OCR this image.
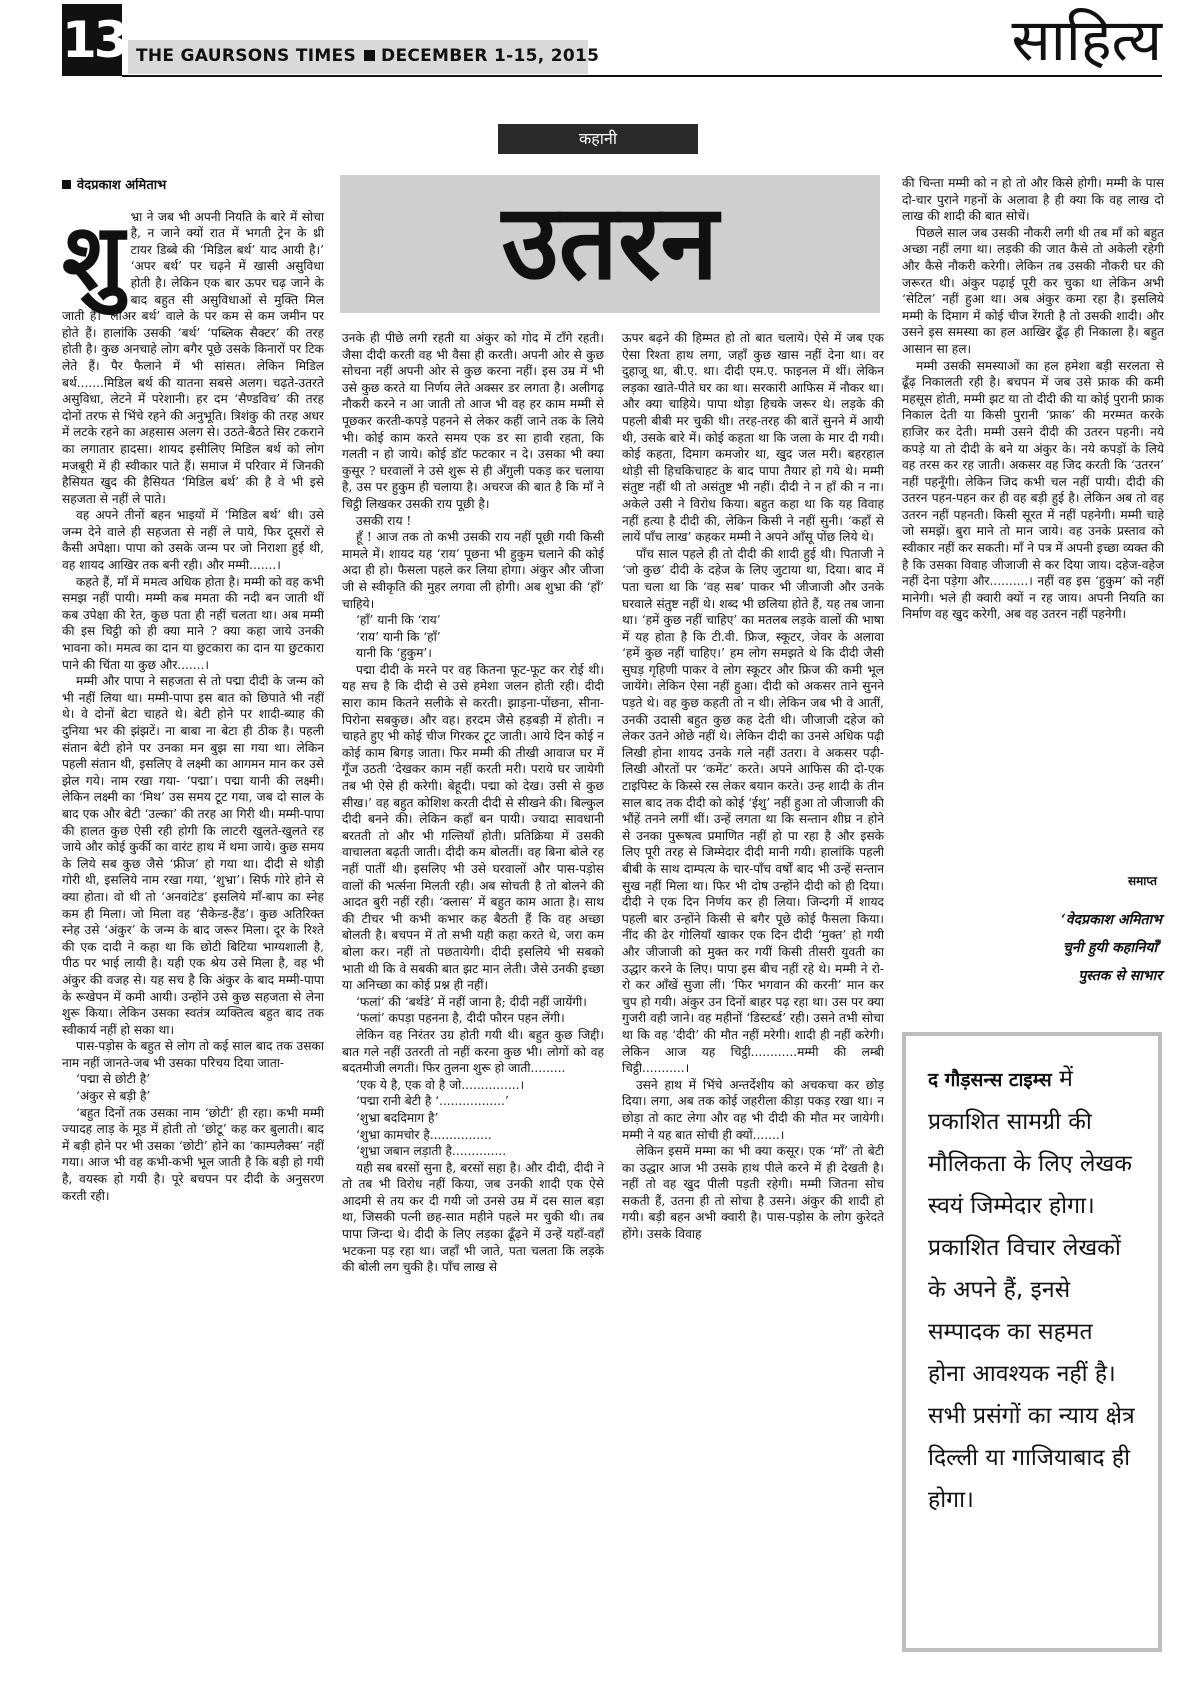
13 THE GAURSONS TIMES DECEMBER 1-15, 2015	साहित्य
कहानी
उतरन
वेदप्रकाश अमिताभ

शुभ्रा ने जब भी अपनी नियति के बारे में सोचा है, न जाने क्यों रात में भगती ट्रेन के थ्री टायर डिब्बे की ‘मिडिल बर्थ’ याद आयी है।’ ‘अपर बर्थ’ पर चढ़ने में खासी असुविधा होती है। लेकिन एक बार ऊपर चढ़ जाने के बाद बहुत सी असुविधाओं से मुक्ति मिल जाती है। ‘लोअर बर्थ’ वाले के पर कम से कम जमीन पर होते हैं। हालांकि उसकी ‘बर्थ’ ‘पब्लिक सैक्टर’ की तरह होती है। कुछ अनचाहे लोग बगैर पूछे उसके किनारों पर टिक लेते हैं। पैर फैलाने में भी सांसत। लेकिन मिडिल बर्थ.......मिडिल बर्थ की यातना सबसे अलग। चढ़ते-उतरते असुविधा, लेटने में परेशानी। हर दम ‘सैण्डविच’ की तरह दोनों तरफ से भिंचे रहने की अनुभूति। त्रिशंकु की तरह अधर में लटके रहने का अहसास अलग से। उठते-बैठते सिर टकराने का लगातार हादसा। शायद इसीलिए मिडिल बर्थ को लोग मजबूरी में ही स्वीकार पाते हैं। समाज में परिवार में जिनकी हैसियत खुद की हैसियत ‘मिडिल बर्थ’ की है वे भी इसे सहजता से नहीं ले पाते।

वह अपने तीनों बहन भाइयों में ‘मिडिल बर्थ’ थी। उसे जन्म देने वाले ही सहजता से नहीं ले पाये, फिर दूसरों से कैसी अपेक्षा। पापा को उसके जन्म पर जो निराशा हुई थी, वह शायद आखिर तक बनी रही। और मम्मी.......।

कहते हैं, माँ में ममत्व अधिक होता है। मम्मी को वह कभी समझ नहीं पायी। मम्मी कब ममता की नदी बन जाती थीं कब उपेक्षा की रेत, कुछ पता ही नहीं चलता था। अब मम्मी की इस चिट्ठी को ही क्या माने ? क्या कहा जाये उनकी भावना को। ममत्व का दान या छुटकारा का दान या छुटकारा पाने की चिंता या कुछ और.......।

मम्मी और पापा ने सहजता से तो पद्मा दीदी के जन्म को भी नहीं लिया था। मम्मी-पापा इस बात को छिपाते भी नहीं थे। वे दोनों बेटा चाहते थे। बेटी होने पर शादी-ब्याह की दुनिया भर की झंझटें। ना बाबा ना बेटा ही ठीक है। पहली संतान बेटी होने पर उनका मन बुझ सा गया था। लेकिन पहली संतान थी, इसलिए वे लक्ष्मी का आगमन मान कर उसे झेल गये। नाम रखा गया- ‘पद्मा’। पद्मा यानी की लक्ष्मी। लेकिन लक्ष्मी का ‘मिथ’ उस समय टूट गया, जब दो साल के बाद एक और बेटी ‘उल्का’ की तरह आ गिरी थी। मम्मी-पापा की हालत कुछ ऐसी रही होगी कि लाटरी खुलते-खुलते रह जाये और कोई कुर्की का वारंट हाथ में थमा जाये। कुछ समय के लिये सब कुछ जैसे ‘फ्रीज’ हो गया था। दीदी से थोड़ी गोरी थी, इसलिये नाम रखा गया, ‘शुभ्रा’। सिर्फ गोरे होने से क्या होता। वो थी तो ‘अनवांटेड’ इसलिये माँ-बाप का स्नेह कम ही मिला। जो मिला वह ‘सैकेन्ड-हैंड’। कुछ अतिरिक्त स्नेह उसे ‘अंकुर’ के जन्म के बाद जरूर मिला। दूर के रिश्ते की एक दादी ने कहा था कि छोटी बिटिया भाग्यशाली है, पीठ पर भाई लायी है। यही एक श्रेय उसे मिला है, वह भी अंकुर की वजह से। यह सच है कि अंकुर के बाद मम्मी-पापा के रूखेपन में कमी आयी। उन्होंने उसे कुछ सहजता से लेना शुरू किया। लेकिन उसका स्वतंत्र व्यक्तित्व बहुत बाद तक स्वीकार्य नहीं हो सका था।

पास-पड़ोस के बहुत से लोग तो कई साल बाद तक उसका नाम नहीं जानते-जब भी उसका परिचय दिया जाता-

‘पद्मा से छोटी है’

‘अंकुर से बड़ी है’

‘बहुत दिनों तक उसका नाम ‘छोटी’ ही रहा। कभी मम्मी ज्यादह लाड़ के मूड में होती तो ‘छोटू’ कह कर बुलाती। बाद में बड़ी होने पर भी उसका ‘छोटी’ होने का ‘काम्पलैक्स’ नहीं गया। आज भी वह कभी-कभी भूल जाती है कि बड़ी हो गयी है, वयस्क हो गयी है। पूरे बचपन पर दीदी के अनुसरण करती रही।

उनके ही पीछे लगी रहती या अंकुर को गोद में टाँगे रहती। जैसा दीदी करती वह भी वैसा ही करती। अपनी ओर से कुछ सोचना नहीं अपनी ओर से कुछ करना नहीं। इस उम्र में भी उसे कुछ करते या निर्णय लेते अक्सर डर लगता है। अलीगढ़ नौकरी करने न आ जाती तो आज भी वह हर काम मम्मी से पूछकर करती-कपड़े पहनने से लेकर कहीं जाने तक के लिये भी। कोई काम करते समय एक डर सा हावी रहता, कि गलती न हो जाये। कोई डॉट फटकार न दे। उसका भी क्या कुसूर ? घरवालों ने उसे शुरू से ही अँगुली पकड़ कर चलाया है, उस पर हुकुम ही चलाया है। अचरज की बात है कि माँ ने चिट्ठी लिखकर उसकी राय पूछी है।

उसकी राय !

हूँ ! आज तक तो कभी उसकी राय नहीं पूछी गयी किसी मामले में। शायद यह ‘राय’ पूछना भी हुकुम चलाने की कोई अदा ही हो। फैसला पहले कर लिया होगा। अंकुर और जीजा जी से स्वीकृति की मुहर लगवा ली होगी। अब शुभ्रा की ‘हाँ’ चाहिये।

‘हाँ’ यानी कि ‘राय’

‘राय’ यानी कि ‘हाँ’

यानी कि ‘हुकुम’।

पद्मा दीदी के मरने पर वह कितना फूट-फूट कर रोई थी। यह सच है कि दीदी से उसे हमेशा जलन होती रही। दीदी सारा काम कितने सलीके से करती। झाड़ना-पोंछना, सीना-पिरोना सबकुछ। और वह। हरदम जैसे हड़बड़ी में होती। न चाहते हुए भी कोई चीज गिरकर टूट जाती। आये दिन कोई न कोई काम बिगड़ जाता। फिर मम्मी की तीखी आवाज घर में गूँज उठती ‘देखकर काम नहीं करती मरी। पराये घर जायेगी तब भी ऐसे ही करेगी। बेहूदी। पद्मा को देख। उसी से कुछ सीख।’ वह बहुत कोशिश करती दीदी से सीखने की। बिल्कुल दीदी बनने की। लेकिन कहाँ बन पायी। ज्यादा सावधानी बरतती तो और भी गल्तियाँ होती। प्रतिक्रिया में उसकी वाचालता बढ़ती जाती। दीदी कम बोलतीं। वह बिना बोले रह नहीं पातीं थी। इसलिए भी उसे घरवालों और पास-पड़ोस वालों की भर्त्सना मिलती रही। अब सोचती है तो बोलने की आदत बुरी नहीं रही। ‘क्लास’ में बहुत काम आता है। साथ की टीचर भी कभी कभार कह बैठती हैं कि वह अच्छा बोलती है। बचपन में तो सभी यही कहा करते थे, जरा कम बोला कर। नहीं तो पछतायेगी। दीदी इसलिये भी सबको भाती थी कि वे सबकी बात झट मान लेती। जैसे उनकी इच्छा या अनिच्छा का कोई प्रश्न ही नहीं।

‘फलां’ की ‘बर्थडे’ में नहीं जाना है; दीदी नहीं जायेंगी।

‘फलां’ कपड़ा पहनना है, दीदी फौरन पहन लेंगी।

लेकिन वह निरंतर उग्र होती गयी थी। बहुत कुछ जिद्दी। बात गले नहीं उतरती तो नहीं करना कुछ भी। लोगों को वह बदतमीजी लगती। फिर तुलना शुरू हो जाती.........

‘एक ये है, एक वो है जो...............।

‘पद्मा रानी बेटी है ‘.................’

‘शुभ्रा बददिमाग है’

‘शुभ्रा कामचोर है................

‘शुभ्रा जबान लड़ाती है..............

यही सब बरसों सुना है, बरसों सहा है। और दीदी, दीदी ने तो तब भी विरोध नहीं किया, जब उनकी शादी एक ऐसे आदमी से तय कर दी गयी जो उनसे उम्र में दस साल बड़ा था, जिसकी पत्नी छह-सात महीने पहले मर चुकी थी। तब पापा जिन्दा थे। दीदी के लिए लड़का ढूँढ़ने में उन्हें यहाँ-वहाँ भटकना पड़ रहा था। जहाँ भी जाते, पता चलता कि लड़के की बोली लग चुकी है। पाँच लाख से

ऊपर बढ़ने की हिम्मत हो तो बात चलाये। ऐसे में जब एक ऐसा रिश्ता हाथ लगा, जहाँ कुछ खास नहीं देना था। वर दुहाजू था, बी.ए. था। दीदी एम.ए. फाइनल में थीं। लेकिन लड़का खाते-पीते घर का था। सरकारी आफिस में नौकर था। और क्या चाहिये। पापा थोड़ा हिचके जरूर थे। लड़के की पहली बीबी मर चुकी थी। तरह-तरह की बातें सुनने में आयी थी, उसके बारे में। कोई कहता था कि जला के मार दी गयी। कोई कहता, दिमाग कमजोर था, खुद जल मरी। बहरहाल थोड़ी सी हिचकिचाहट के बाद पापा तैयार हो गये थे। मम्मी संतुष्ट नहीं थी तो असंतुष्ट भी नहीं। दीदी ने न हाँ की न ना। अकेले उसी ने विरोध किया। बहुत कहा था कि यह विवाह नहीं हत्या है दीदी की, लेकिन किसी ने नहीं सुनी। ‘कहाँ से लायें पाँच लाख’ कहकर मम्मी ने अपने आँसू पोंछ लिये थे।

पाँच साल पहले ही तो दीदी की शादी हुई थी। पिताजी ने ‘जो कुछ’ दीदी के दहेज के लिए जुटाया था, दिया। बाद में पता चला था कि ‘वह सब’ पाकर भी जीजाजी और उनके घरवाले संतुष्ट नहीं थे। शब्द भी छलिया होते हैं, यह तब जाना था। ‘हमें कुछ नहीं चाहिए’ का मतलब लड़के वालों की भाषा में यह होता है कि टी.वी. फ्रिज, स्कूटर, जेवर के अलावा ‘हमें कुछ नहीं चाहिए।’ हम लोग समझते थे कि दीदी जैसी सुघड़ गृहिणी पाकर वे लोग स्कूटर और फ्रिज की कमी भूल जायेंगे। लेकिन ऐसा नहीं हुआ। दीदी को अकसर ताने सुनने पड़ते थे। वह कुछ कहती तो न थी। लेकिन जब भी वे आतीं, उनकी उदासी बहुत कुछ कह देती थी। जीजाजी दहेज को लेकर उतने ओछे नहीं थे। लेकिन दीदी का उनसे अधिक पढ़ी लिखी होना शायद उनके गले नहीं उतरा। वे अकसर पढ़ी-लिखी औरतों पर ‘कमेंट’ करते। अपने आफिस की दो-एक टाइपिस्ट के किस्से रस लेकर बयान करते। उन्ह शादी के तीन साल बाद तक दीदी को कोई ‘ईशु’ नहीं हुआ तो जीजाजी की भौंहें तनने लगीं थीं। उन्हें लगता था कि सन्तान शीघ्र न होने से उनका पुरूषत्व प्रमाणित नहीं हो पा रहा है और इसके लिए पूरी तरह से जिम्मेदार दीदी मानी गयी। हालांकि पहली बीबी के साथ दाम्पत्य के चार-पाँच वर्षों बाद भी उन्हें सन्तान सुख नहीं मिला था। फिर भी दोष उन्होंने दीदी को ही दिया। दीदी ने एक दिन निर्णय कर ही लिया। जिन्दगी में शायद पहली बार उन्होंने किसी से बगैर पूछे कोई फैसला किया। नींद की ढेर गोलियाँ खाकर एक दिन दीदी ‘मुक्त’ हो गयी और जीजाजी को मुक्त कर गयीं किसी तीसरी युवती का उद्धार करने के लिए। पापा इस बीच नहीं रहे थे। मम्मी ने रो-रो कर आँखें सुजा लीं। ‘फिर भगवान की करनी’ मान कर चुप हो गयी। अंकुर उन दिनों बाहर पढ़ रहा था। उस पर क्या गुजरी वही जाने। वह महीनों ‘डिस्टर्ब्ड’ रही। उसने तभी सोचा था कि वह ‘दीदी’ की मौत नहीं मरेगी। शादी ही नहीं करेगी। लेकिन आज यह चिट्ठी............मम्मी की लम्बी चिट्ठी...........।

उसने हाथ में भिंचे अन्तर्देशीय को अचकचा कर छोड़ दिया। लगा, अब तक कोई जहरीला कीड़ा पकड़ रखा था। न छोड़ा तो काट लेगा और वह भी दीदी की मौत मर जायेगी। मम्मी ने यह बात सोची ही क्यों.......।

लेकिन इसमें मम्मा का भी क्या कसूर। एक ‘माँ’ तो बेटी का उद्धार आज भी उसके हाथ पीले करने में ही देखती है। नहीं तो वह खुद पीली पड़ती रहेगी। मम्मी जितना सोच सकती हैं, उतना ही तो सोचा है उसने। अंकुर की शादी हो गयी। बड़ी बहन अभी क्वारी है। पास-पड़ोस के लोग कुरेदते होंगे। उसके विवाह

की चिन्ता मम्मी को न हो तो और किसे होगी। मम्मी के पास दो-चार पुराने गहनों के अलावा है ही क्या कि वह लाख दो लाख की शादी की बात सोचें।

पिछले साल जब उसकी नौकरी लगी थी तब माँ को बहुत अच्छा नहीं लगा था। लड़की की जात कैसे तो अकेली रहेगी और कैसे नौकरी करेगी। लेकिन तब उसकी नौकरी घर की जरूरत थी। अंकुर पढ़ाई पूरी कर चुका था लेकिन अभी ‘सेटिल’ नहीं हुआ था। अब अंकुर कमा रहा है। इसलिये मम्मी के दिमाग में कोई चीज रेंगती है तो उसकी शादी। और उसने इस समस्या का हल आखिर ढूँढ़ ही निकाला है। बहुत आसान सा हल।

मम्मी उसकी समस्याओं का हल हमेशा बड़ी सरलता से ढूँढ़ निकालती रही है। बचपन में जब उसे फ्राक की कमी महसूस होती, मम्मी झट या तो दीदी की या कोई पुरानी फ्राक निकाल देती या किसी पुरानी ‘फ्राक’ की मरम्मत करके हाजिर कर देती। मम्मी उसने दीदी की उतरन पहनी। नये कपड़े या तो दीदी के बने या अंकुर के। नये कपड़ों के लिये वह तरस कर रह जाती। अकसर वह जिद करती कि ‘उतरन’ नहीं पहनूँगी। लेकिन जिद कभी चल नहीं पायी। दीदी की उतरन पहन-पहन कर ही वह बड़ी हुई है। लेकिन अब तो वह उतरन नहीं पहनती। किसी सूरत में नहीं पहनेगी। मम्मी चाहे जो समझें। बुरा माने तो मान जाये। वह उनके प्रस्ताव को स्वीकार नहीं कर सकती। माँ ने पत्र में अपनी इच्छा व्यक्त की है कि उसका विवाह जीजाजी से कर दिया जाय। दहेज-वहेज नहीं देना पड़ेगा और..........। नहीं वह इस ‘हुकुम’ को नहीं मानेगी। भले ही क्वारी क्यों न रह जाय। अपनी नियति का निर्माण वह खुद करेगी, अब वह उतरन नहीं पहनेगी।

समाप्त
‘वेदप्रकाश अमिताभ
चुनी हुयी कहानियाँ’
पुस्तक से साभार
द गौड़सन्स टाइम्स में प्रकाशित सामग्री की मौलिकता के लिए लेखक स्वयं जिम्मेदार होगा। प्रकाशित विचार लेखकों के अपने हैं, इनसे सम्पादक का सहमत होना आवश्यक नहीं है। सभी प्रसंगों का न्याय क्षेत्र दिल्ली या गाजियाबाद ही होगा।
